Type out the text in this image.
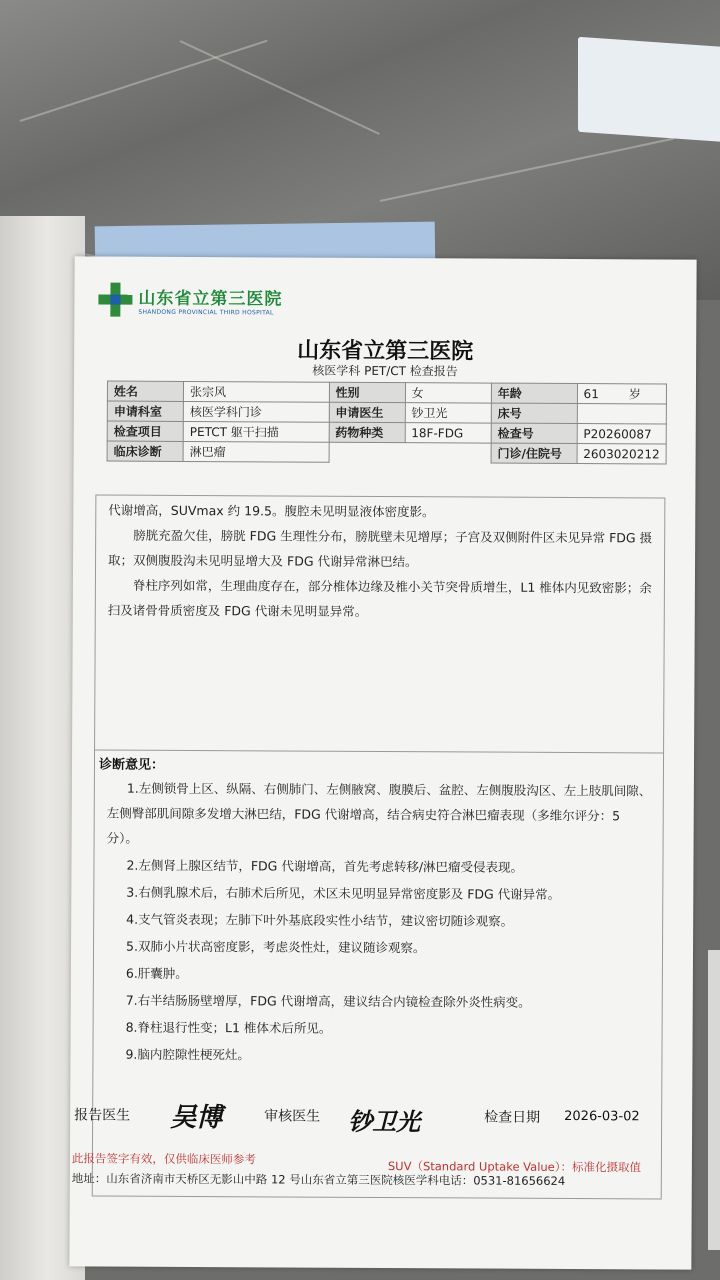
山东省立第三医院
SHANDONG PROVINCIAL THIRD HOSPITAL
山东省立第三医院
核医学科 PET/CT 检查报告
姓名	张宗风	性别	女	年龄	61 岁
申请科室	核医学科门诊	申请医生	钞卫光	床号	
检查项目	PETCT 躯干扫描	药物种类	18F-FDG	检查号	P20260087
临床诊断	淋巴瘤			门诊/住院号	2603020212

代谢增高，SUVmax 约 19.5。腹腔未见明显液体密度影。

膀胱充盈欠佳，膀胱 FDG 生理性分布，膀胱壁未见增厚；子宫及双侧附件区未见异常 FDG 摄取；双侧腹股沟未见明显增大及 FDG 代谢异常淋巴结。

脊柱序列如常，生理曲度存在，部分椎体边缘及椎小关节突骨质增生，L1 椎体内见致密影；余扫及诸骨骨质密度及 FDG 代谢未见明显异常。

诊断意见：

1.左侧锁骨上区、纵隔、右侧肺门、左侧腋窝、腹膜后、盆腔、左侧腹股沟区、左上肢肌间隙、左侧臀部肌间隙多发增大淋巴结，FDG 代谢增高，结合病史符合淋巴瘤表现（多维尔评分：5 分）。

2.左侧肾上腺区结节，FDG 代谢增高，首先考虑转移/淋巴瘤受侵表现。

3.右侧乳腺术后，右肺术后所见，术区未见明显异常密度影及 FDG 代谢异常。

4.支气管炎表现；左肺下叶外基底段实性小结节，建议密切随诊观察。

5.双肺小片状高密度影，考虑炎性灶，建议随诊观察。

6.肝囊肿。

7.右半结肠肠壁增厚，FDG 代谢增高，建议结合内镜检查除外炎性病变。

8.脊柱退行性变；L1 椎体术后所见。

9.脑内腔隙性梗死灶。

报告医生 吴博	审核医生 钞卫光	检查日期 2026-03-02
此报告签字有效，仅供临床医师参考
SUV（Standard Uptake Value）：标准化摄取值
地址：山东省济南市天桥区无影山中路 12 号山东省立第三医院核医学科电话：0531-81656624
